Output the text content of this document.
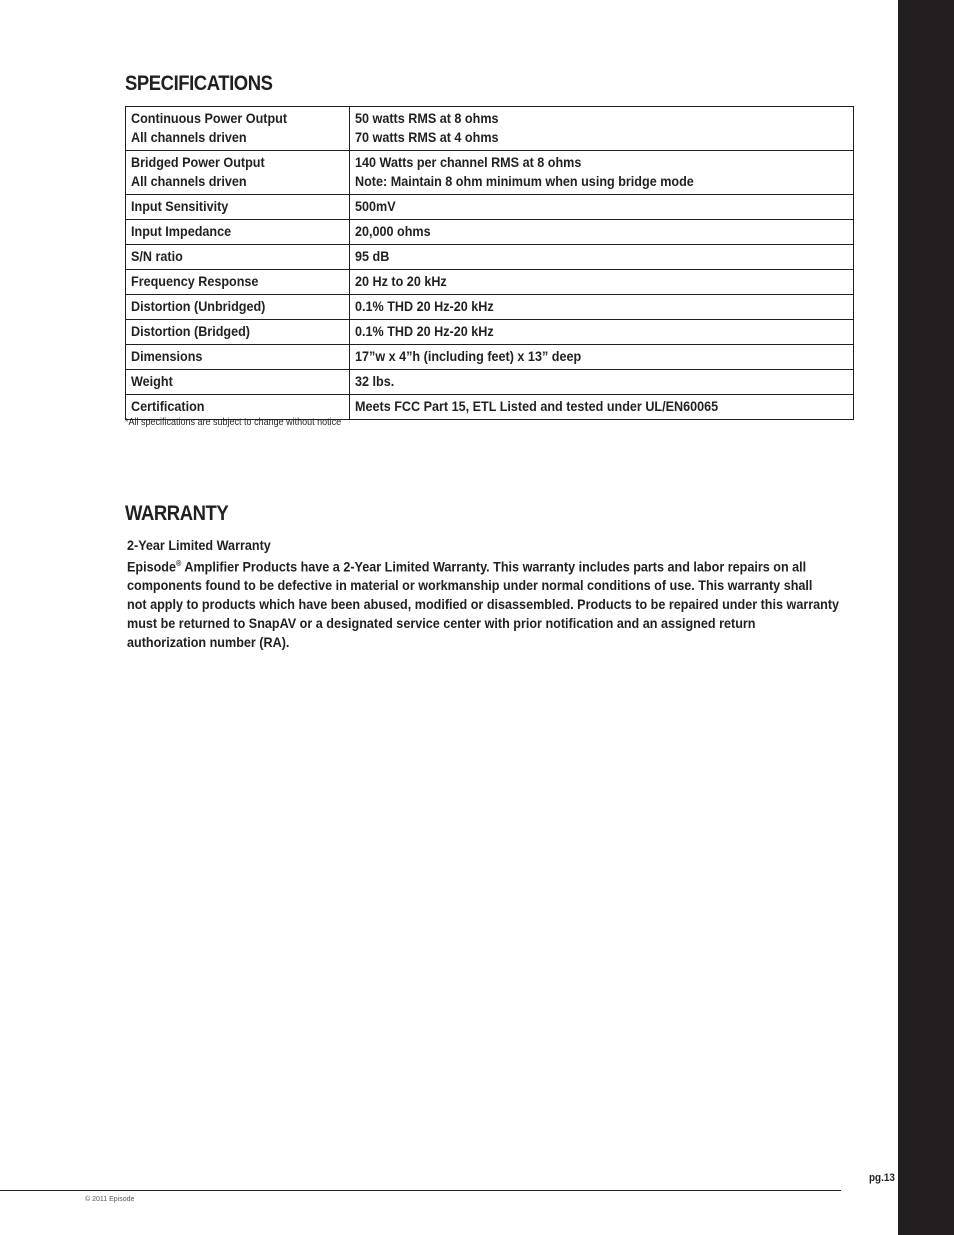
SPECIFICATIONS
Continuous Power Output
All channels driven	50 watts RMS at 8 ohms
70 watts RMS at 4 ohms

Bridged Power Output
All channels driven	140 Watts per channel RMS at 8 ohms
Note: Maintain 8 ohm minimum when using bridge mode

Input Sensitivity	500mV

Input Impedance	20,000 ohms

S/N ratio	95 dB

Frequency Response	20 Hz to 20 kHz

Distortion (Unbridged)	0.1% THD 20 Hz-20 kHz

Distortion (Bridged)	0.1% THD 20 Hz-20 kHz

Dimensions	17”w x 4”h (including feet) x 13” deep

Weight	32 lbs.

Certification	Meets FCC Part 15, ETL Listed and tested under UL/EN60065
*All specifications are subject to change without notice
WARRANTY
2-Year Limited Warranty
Episode® Amplifier Products have a 2-Year Limited Warranty. This warranty includes parts and labor repairs on all
components found to be defective in material or workmanship under normal conditions of use. This warranty shall
not apply to products which have been abused, modified or disassembled. Products to be repaired under this warranty
must be returned to SnapAV or a designated service center with prior notification and an assigned return
authorization number (RA).
pg.13
© 2011 Episode
